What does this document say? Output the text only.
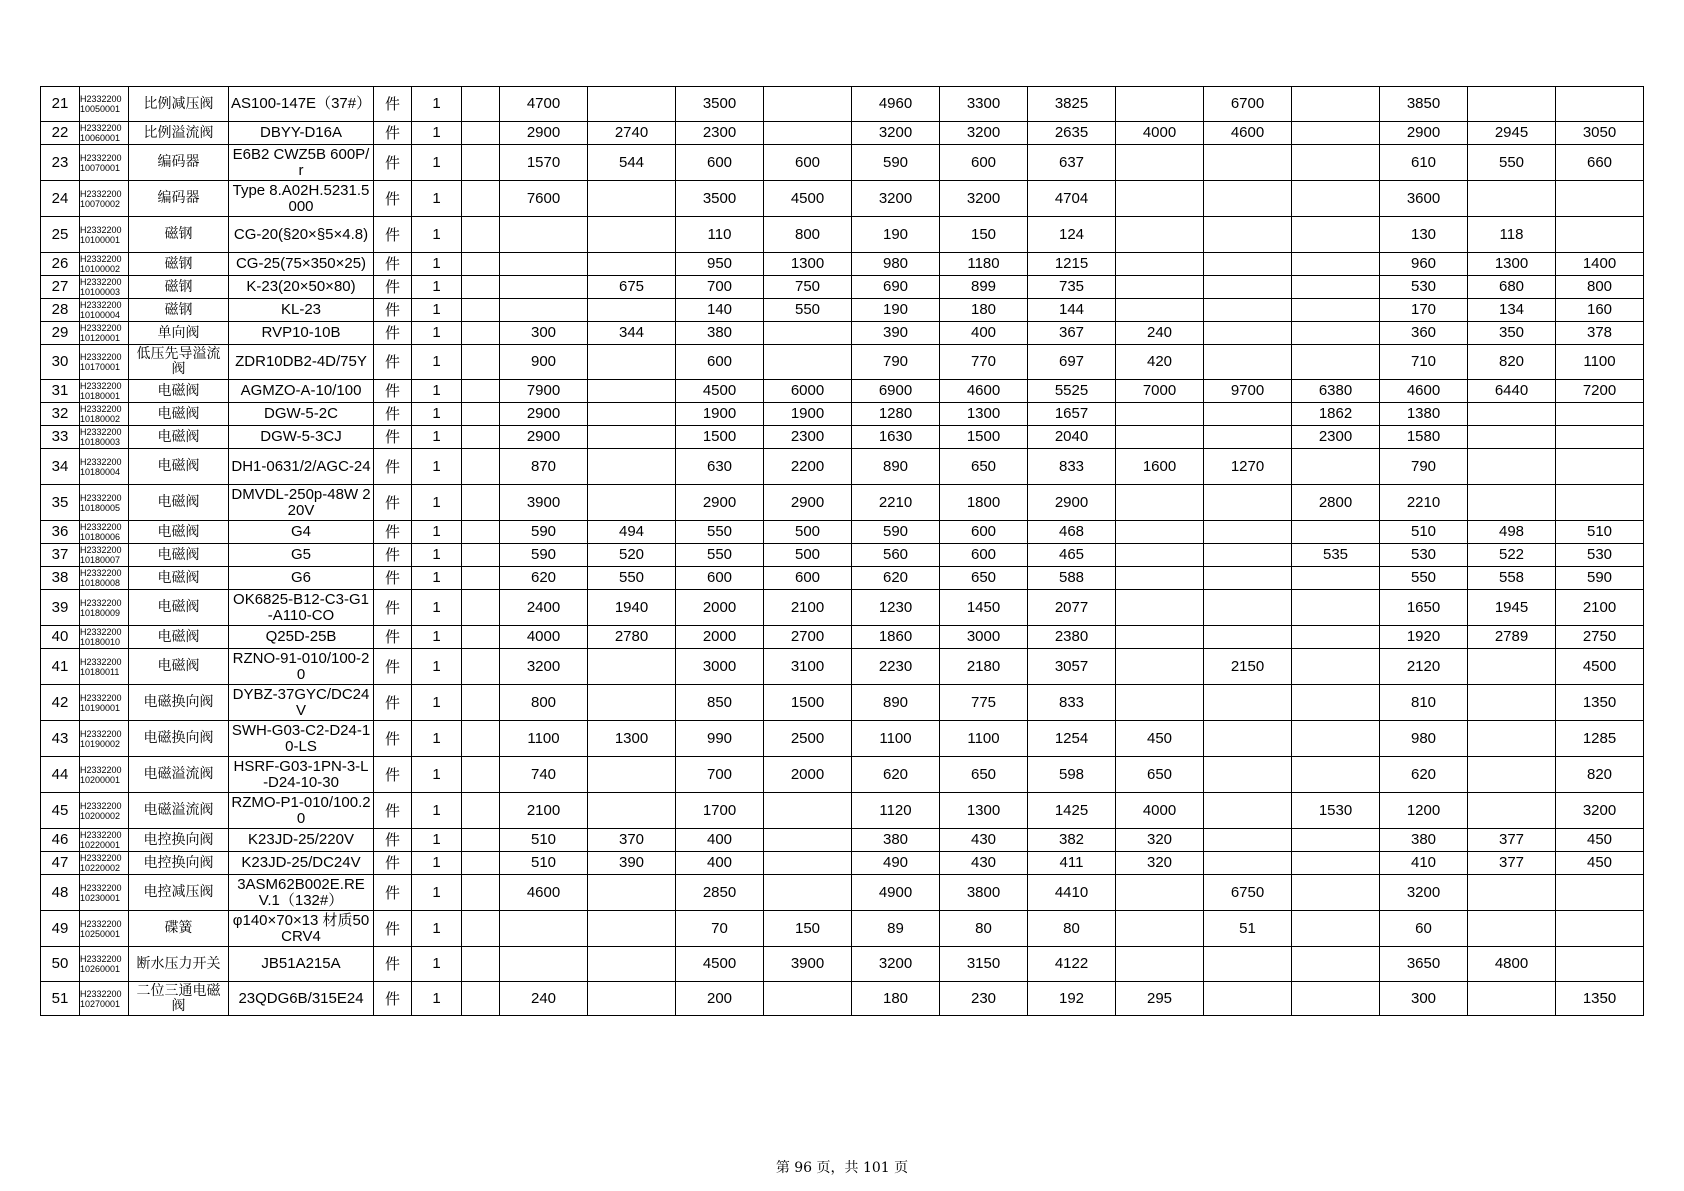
21	H2332200 10050001	比例减压阀	AS100-147E（37#）	件	1		4700		3500		4960	3300	3825		6700		3850		
22	H2332200 10060001	比例溢流阀	DBYY-D16A	件	1		2900	2740	2300		3200	3200	2635	4000	4600		2900	2945	3050
23	H2332200 10070001	编码器	E6B2 CWZ5B 600P/r	件	1		1570	544	600	600	590	600	637				610	550	660
24	H2332200 10070002	编码器	Type 8.A02H.5231.5000	件	1		7600		3500	4500	3200	3200	4704				3600		
25	H2332200 10100001	磁钢	CG-20(§20×§5×4.8)	件	1				110	800	190	150	124				130	118	
26	H2332200 10100002	磁钢	CG-25(75×350×25)	件	1				950	1300	980	1180	1215				960	1300	1400
27	H2332200 10100003	磁钢	K-23(20×50×80)	件	1			675	700	750	690	899	735				530	680	800
28	H2332200 10100004	磁钢	KL-23	件	1				140	550	190	180	144				170	134	160
29	H2332200 10120001	单向阀	RVP10-10B	件	1		300	344	380		390	400	367	240			360	350	378
30	H2332200 10170001	低压先导溢流阀	ZDR10DB2-4D/75Y	件	1		900		600		790	770	697	420			710	820	1100
31	H2332200 10180001	电磁阀	AGMZO-A-10/100	件	1		7900		4500	6000	6900	4600	5525	7000	9700	6380	4600	6440	7200
32	H2332200 10180002	电磁阀	DGW-5-2C	件	1		2900		1900	1900	1280	1300	1657			1862	1380		
33	H2332200 10180003	电磁阀	DGW-5-3CJ	件	1		2900		1500	2300	1630	1500	2040			2300	1580		
34	H2332200 10180004	电磁阀	DH1-0631/2/AGC-24	件	1		870		630	2200	890	650	833	1600	1270		790		
35	H2332200 10180005	电磁阀	DMVDL-250p-48W 220V	件	1		3900		2900	2900	2210	1800	2900			2800	2210		
36	H2332200 10180006	电磁阀	G4	件	1		590	494	550	500	590	600	468				510	498	510
37	H2332200 10180007	电磁阀	G5	件	1		590	520	550	500	560	600	465			535	530	522	530
38	H2332200 10180008	电磁阀	G6	件	1		620	550	600	600	620	650	588				550	558	590
39	H2332200 10180009	电磁阀	OK6825-B12-C3-G1-A110-CO	件	1		2400	1940	2000	2100	1230	1450	2077				1650	1945	2100
40	H2332200 10180010	电磁阀	Q25D-25B	件	1		4000	2780	2000	2700	1860	3000	2380				1920	2789	2750
41	H2332200 10180011	电磁阀	RZNO-91-010/100-20	件	1		3200		3000	3100	2230	2180	3057		2150		2120		4500
42	H2332200 10190001	电磁换向阀	DYBZ-37GYC/DC24V	件	1		800		850	1500	890	775	833				810		1350
43	H2332200 10190002	电磁换向阀	SWH-G03-C2-D24-10-LS	件	1		1100	1300	990	2500	1100	1100	1254	450			980		1285
44	H2332200 10200001	电磁溢流阀	HSRF-G03-1PN-3-L-D24-10-30	件	1		740		700	2000	620	650	598	650			620		820
45	H2332200 10200002	电磁溢流阀	RZMO-P1-010/100.20	件	1		2100		1700		1120	1300	1425	4000		1530	1200		3200
46	H2332200 10220001	电控换向阀	K23JD-25/220V	件	1		510	370	400		380	430	382	320			380	377	450
47	H2332200 10220002	电控换向阀	K23JD-25/DC24V	件	1		510	390	400		490	430	411	320			410	377	450
48	H2332200 10230001	电控减压阀	3ASM62B002E.REV.1（132#）	件	1		4600		2850		4900	3800	4410		6750		3200		
49	H2332200 10250001	碟簧	φ140×70×13 材质50CRV4	件	1				70	150	89	80	80		51		60		
50	H2332200 10260001	断水压力开关	JB51A215A	件	1				4500	3900	3200	3150	4122				3650	4800	
51	H2332200 10270001	二位三通电磁阀	23QDG6B/315E24	件	1		240		200		180	230	192	295			300		1350
第 96 页，共 101 页
